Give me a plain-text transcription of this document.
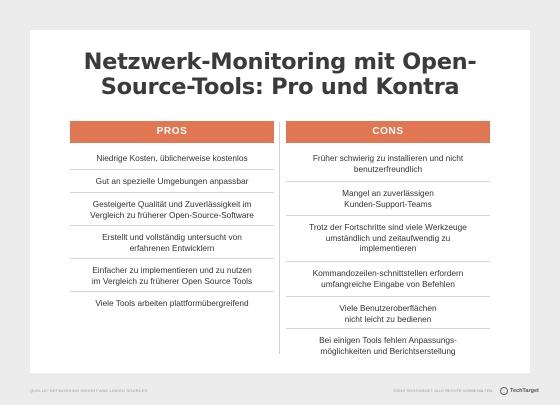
Netzwerk-Monitoring mit Open-
Source-Tools: Pro und Kontra
PROS
Niedrige Kosten, üblicherweise kostenlos
Gut an spezielle Umgebungen anpassbar
Gesteigerte Qualität und Zuverlässigkeit im
Vergleich zu früherer Open-Source-Software
Erstellt und vollständig untersucht von
erfahrenen Entwicklern
Einfacher zu implementieren und zu nutzen
im Vergleich zu früherer Open Source Tools
Viele Tools arbeiten plattformübergreifend
CONS
Früher schwierig zu installieren und nicht
benutzerfreundlich
Mangel an zuverlässigen
Kunden-Support-Teams
Trotz der Fortschritte sind viele Werkzeuge
umständlich und zeitaufwendig zu
implementieren
Kommandozeilen-schnittstellen erfordern
umfangreiche Eingabe von Befehlen
Viele Benutzeroberflächen
nicht leicht zu bedienen
Bei einigen Tools fehlen Anpassungs-
möglichkeiten und Berichtserstellung
QUELLE: NETWORKING INSIGHT AND LINKED SOURCES	©2019 TECHTARGET. ALLE RECHTE VORBEHALTEN.	TechTarget
